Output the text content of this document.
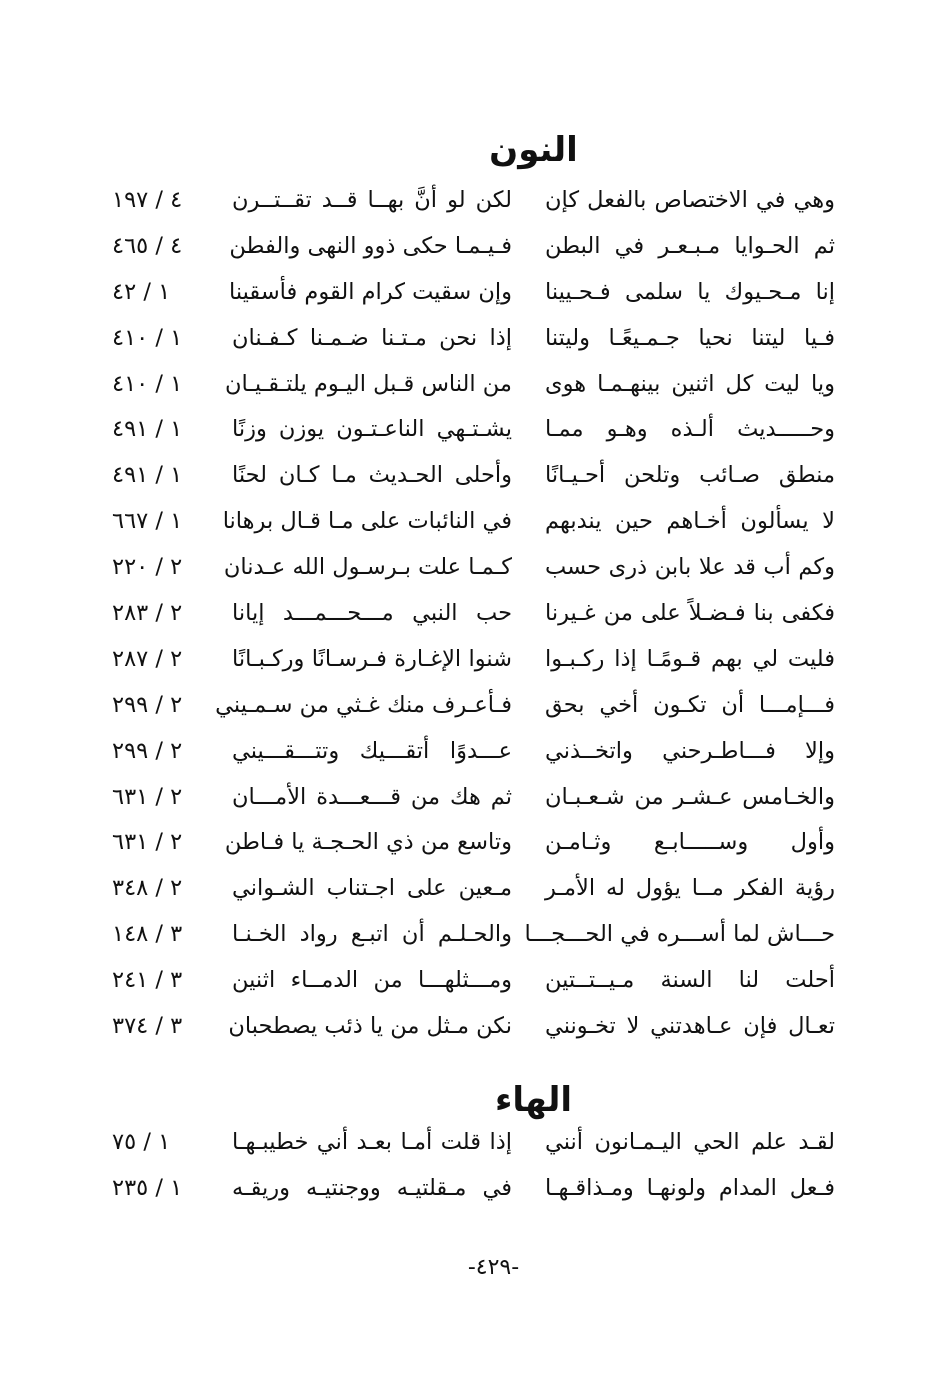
النون
وهي في الاختصاص بالفعل كإن
لكن لو أنَّ بهــا قــد تقــتــرن
٤ / ١٩٧
ثم الحـوايا مـبـعـر في البطن
فـيـمـا حكى ذوو النهى والفطن
٤ / ٤٦٥
إنا مـحـيوك يا سلمى فـحـيينا
وإن سقيت كرام القوم فأسقينا
١ / ٤٢
فـيا ليتنا نحيا جـمـيعًـا وليتنا
إذا نحن مـتـنا ضـمـنا كـفـنان
١ / ٤١٠
ويا ليت كل اثنين بينهـمـا هوى
من الناس قـبل اليـوم يلتـقـيـان
١ / ٤١٠
وحـــــديث ألـذه وهـو ممـا
يشـتـهي الناعـتـون يوزن وزنًا
١ / ٤٩١
منطق صـائب وتلحن أحـيـانًا
وأحلى الحـديث مـا كـان لحنًا
١ / ٤٩١
لا يسألون أخـاهم حين يندبهم
في النائبات على مـا قـال برهانا
١ / ٦٦٧
وكم أب قد علا بابن ذرى حسب
كـمـا علت بـرسـول الله عـدنان
٢ / ٢٢٠
فكفى بنا فـضـلاً على من غـيرنا
حب النبي مـــحـــمـــد إيانا
٢ / ٢٨٣
فليت لي بهم قـومًـا إذا ركـبـوا
شنوا الإغـارة فـرسـانًا وركـبـانًا
٢ / ٢٨٧
فـــإمـــا أن تكـون أخي بحق
فـأعـرف منك غـثي من سـمـيني
٢ / ٢٩٩
وإلا فـــاطـرحني واتخــذني
عـــدوًا أتقـــيك وتتـــقـــيني
٢ / ٢٩٩
والخـامس عـشـر من شـعـبـان
ثم هك من قـــعـــدة الأمـــان
٢ / ٦٣١
وأول وســـــابـع وثـامـن
وتاسع من ذي الحـجـة يا فـاطن
٢ / ٦٣١
رؤية الفكر مــا يؤول له الأمـر
مـعين على اجـتناب الشـواني
٢ / ٣٤٨
حـــاش لما أســـره في الحـــجـــا
والحـلـم أن اتبـع رواد الخـنـا
٣ / ١٤٨
أحلت لنا السنة مـيــتــتين
ومـــثلهـــا من الدمــاء اثنين
٣ / ٢٤١
تعـال فإن عـاهدتني لا تخـونني
نكن مـثل من يا ذئب يصطحبان
٣ / ٣٧٤
الهاء
لقـد علم الحي اليـمـانون أنني
إذا قلت أمـا بعـد أني خطيبـهـا
١ / ٧٥
فـعل المدام ولونهـا ومـذاقـهـا
في مـقلتيـه ووجنتيـه وريقـه
١ / ٢٣٥
-٤٢٩-
